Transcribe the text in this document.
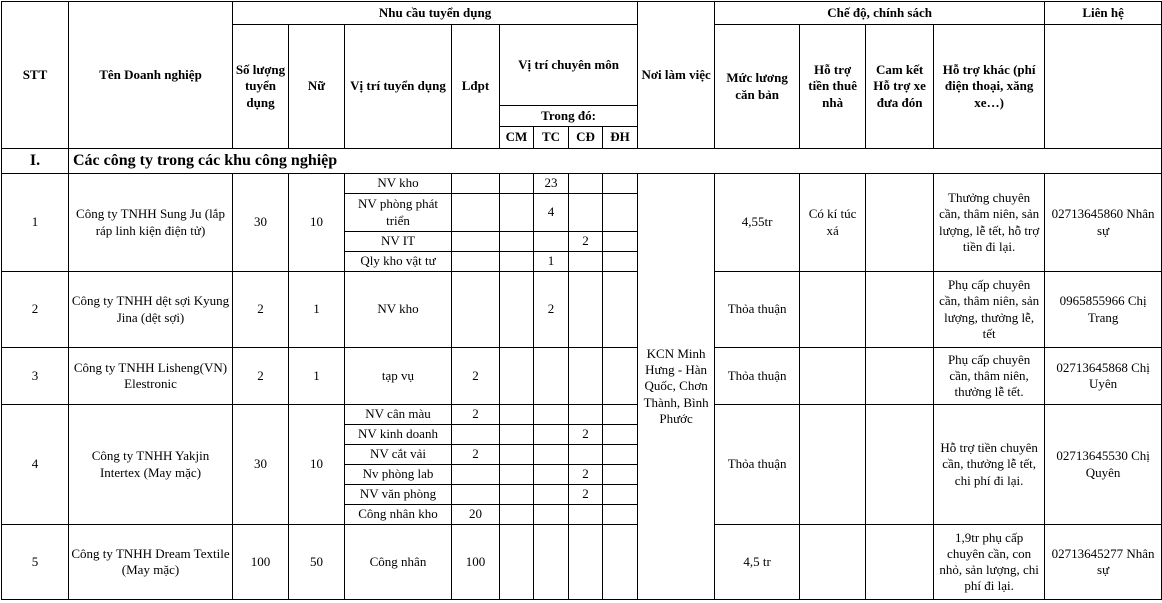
STT	Tên Doanh nghiệp	Nhu cầu tuyển dụng								Nơi làm việc	Chế độ, chính sách				Liên hệ
		Số lượng tuyển dụng	Nữ	Vị trí tuyển dụng	Lđpt	Vị trí chuyên môn					Mức lương căn bản	Hỗ trợ tiền thuê nhà	Cam kết Hỗ trợ xe đưa đón	Hỗ trợ khác (phí điện thoại, xăng xe…)	
						Trong đó:									
						CM	TC	CĐ	ĐH						
I.	Các công ty trong các khu công nghiệp														
1	Công ty TNHH Sung Ju (lắp ráp linh kiện điện tử)	30	10	NV kho			23			KCN Minh Hưng - Hàn Quốc, Chơn Thành, Bình Phước	4,55tr	Có kí túc xá		Thưởng chuyên cần, thâm niên, sản lượng, lễ tết, hỗ trợ tiền đi lại.	02713645860 Nhân sự
				NV phòng phát triển			4								
				NV IT				2							
				Qly kho vật tư			1								
2	Công ty TNHH dệt sợi Kyung Jina (dệt sợi)	2	1	NV kho			2				Thỏa thuận			Phụ cấp chuyên cần, thâm niên, sản lượng, thưởng lễ, tết	0965855966 Chị Trang
3	Công ty TNHH Lisheng(VN) Elestronic	2	1	tạp vụ	2						Thỏa thuận			Phụ cấp chuyên cần, thâm niên, thưởng lễ tết.	02713645868 Chị Uyên
4	Công ty TNHH Yakjin Intertex (May mặc)	30	10	NV cân màu	2						Thỏa thuận			Hỗ trợ tiền chuyên cần, thưởng lễ tết, chi phí đi lại.	02713645530 Chị Quyên
				NV kinh doanh				2							
				NV cắt vải	2										
				Nv phòng lab				2							
				NV văn phòng				2							
				Công nhân kho	20										
5	Công ty TNHH Dream Textile (May mặc)	100	50	Công nhân	100						4,5 tr			1,9tr phụ cấp chuyên cần, con nhỏ, sản lượng, chi phí đi lại.	02713645277 Nhân sự
